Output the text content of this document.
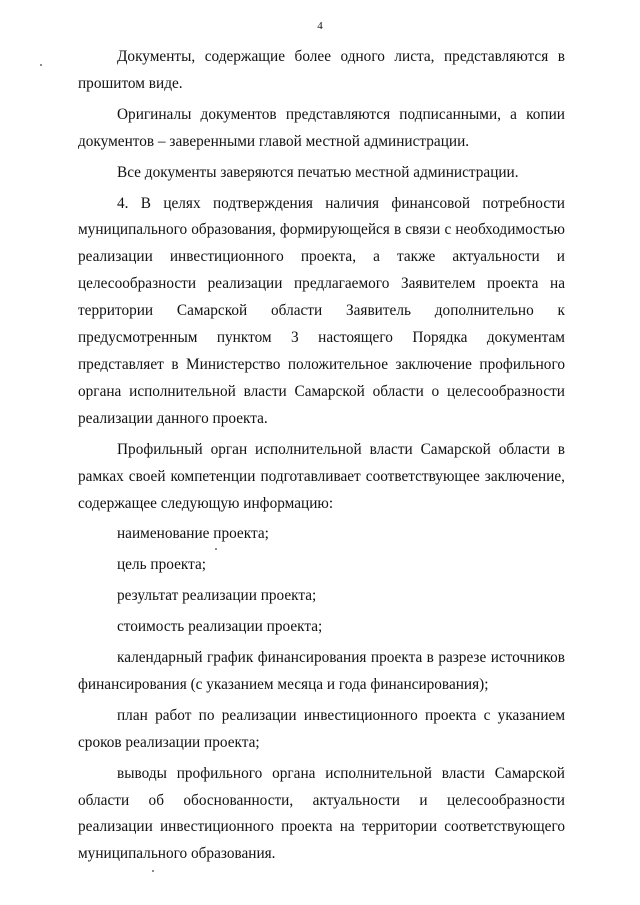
4

Документы, содержащие более одного листа, представляются в прошитом виде.

Оригиналы документов представляются подписанными, а копии документов – заверенными главой местной администрации.

Все документы заверяются печатью местной администрации.

4. В целях подтверждения наличия финансовой потребности муниципального образования, формирующейся в связи с необходимостью реализации инвестиционного проекта, а также актуальности и целесообразности реализации предлагаемого Заявителем проекта на территории Самарской области Заявитель дополнительно к предусмотренным пунктом 3 настоящего Порядка документам представляет в Министерство положительное заключение профильного органа исполнительной власти Самарской области о целесообразности реализации данного проекта.

Профильный орган исполнительной власти Самарской области в рамках своей компетенции подготавливает соответствующее заключение, содержащее следующую информацию:

наименование проекта;

цель проекта;

результат реализации проекта;

стоимость реализации проекта;

календарный график финансирования проекта в разрезе источников финансирования (с указанием месяца и года финансирования);

план работ по реализации инвестиционного проекта с указанием сроков реализации проекта;

выводы профильного органа исполнительной власти Самарской области об обоснованности, актуальности и целесообразности реализации инвестиционного проекта на территории соответствующего муниципального образования.
